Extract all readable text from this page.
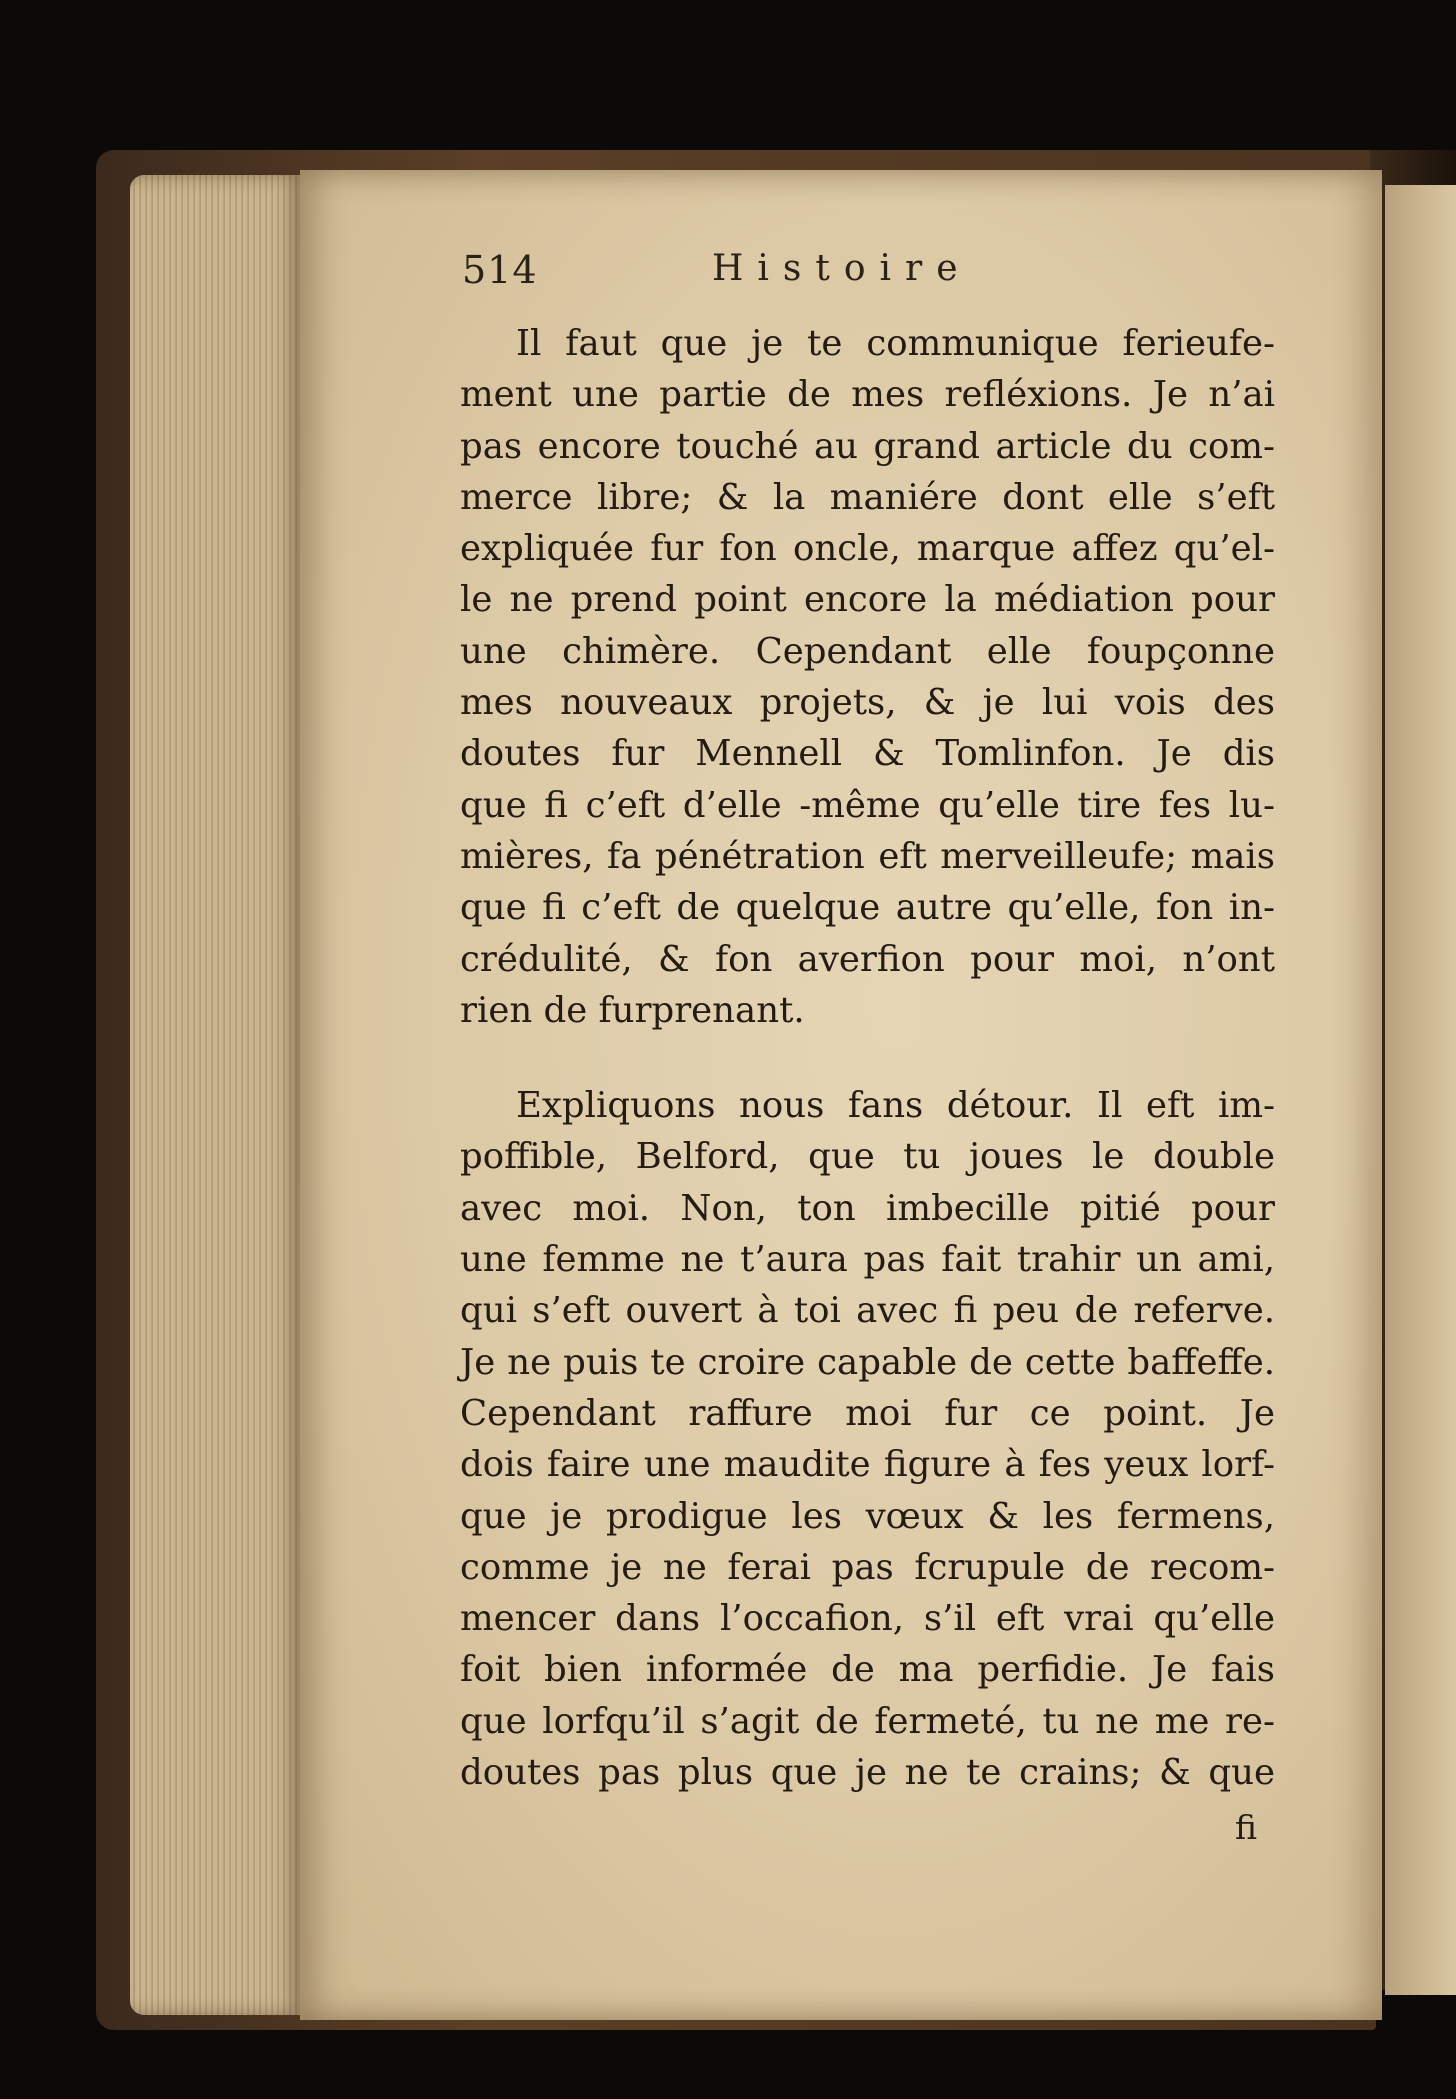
514	Histoire
Il faut que je te communique ferieufe-
ment une partie de mes refléxions. Je n’ai
pas encore touché au grand article du com-
merce libre; & la maniére dont elle s’eft
expliquée fur fon oncle, marque affez qu’el-
le ne prend point encore la médiation pour
une chimère. Cependant elle foupçonne
mes nouveaux projets, & je lui vois des
doutes fur Mennell & Tomlinfon. Je dis
que fi c’eft d’elle -même qu’elle tire fes lu-
mières, fa pénétration eft merveilleufe; mais
que fi c’eft de quelque autre qu’elle, fon in-
crédulité, & fon averfion pour moi, n’ont
rien de furprenant.
Expliquons nous fans détour. Il eft im-
poffible, Belford, que tu joues le double
avec moi. Non, ton imbecille pitié pour
une femme ne t’aura pas fait trahir un ami,
qui s’eft ouvert à toi avec fi peu de referve.
Je ne puis te croire capable de cette baffeffe.
Cependant raffure moi fur ce point. Je
dois faire une maudite figure à fes yeux lorf-
que je prodigue les vœux & les fermens,
comme je ne ferai pas fcrupule de recom-
mencer dans l’occafion, s’il eft vrai qu’elle
foit bien informée de ma perfidie. Je fais
que lorfqu’il s’agit de fermeté, tu ne me re-
doutes pas plus que je ne te crains; & que
fi
